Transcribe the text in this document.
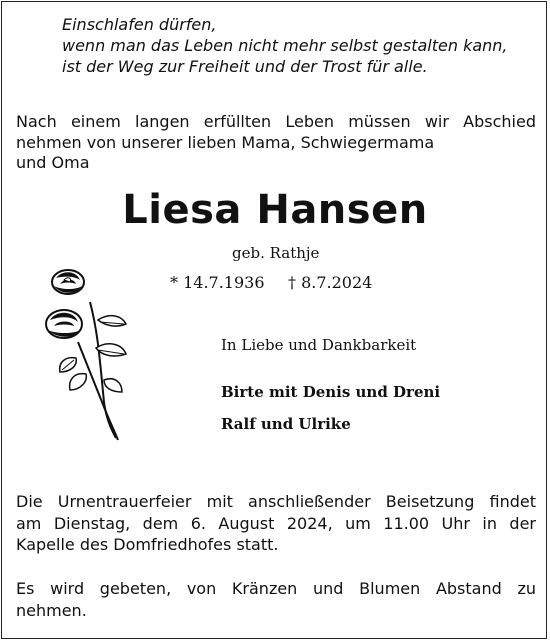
Einschlafen dürfen,
wenn man das Leben nicht mehr selbst gestalten kann,
ist der Weg zur Freiheit und der Trost für alle.
Nach einem langen erfüllten Leben müssen wir Abschied
nehmen von unserer lieben Mama, Schwiegermama
und Oma
Liesa Hansen
geb. Rathje
* 14.7.1936 † 8.7.2024
In Liebe und Dankbarkeit
Birte mit Denis und Dreni
Ralf und Ulrike
Die Urnentrauerfeier mit anschließender Beisetzung findet
am Dienstag, dem 6. August 2024, um 11.00 Uhr in der
Kapelle des Domfriedhofes statt.
Es wird gebeten, von Kränzen und Blumen Abstand zu
nehmen.
